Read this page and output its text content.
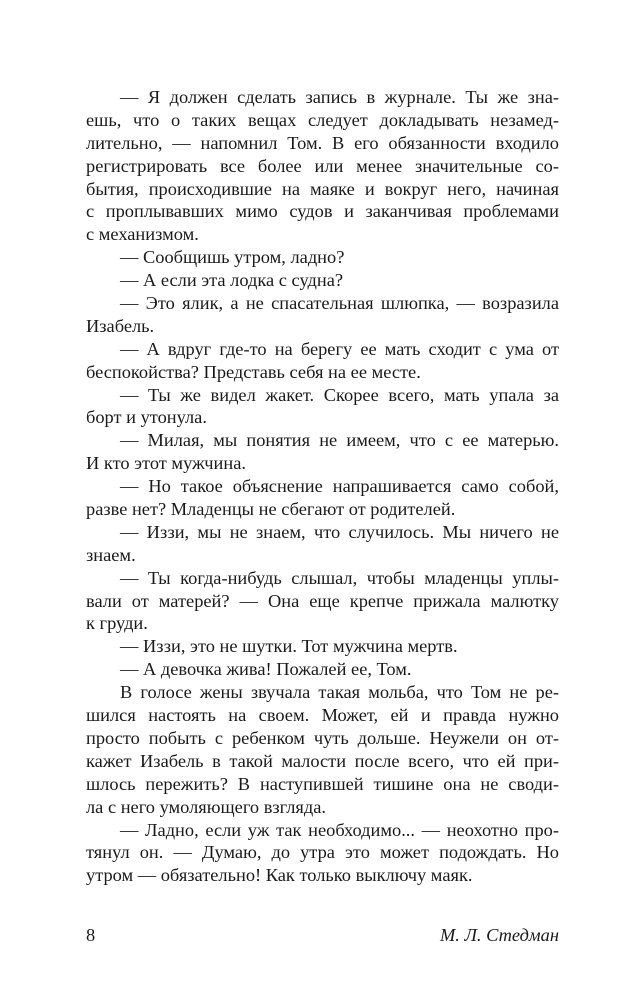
— Я должен сделать запись в журнале. Ты же зна-
ешь, что о таких вещах следует докладывать незамед-
лительно, — напомнил Том. В его обязанности входило
регистрировать все более или менее значительные со-
бытия, происходившие на маяке и вокруг него, начиная
с проплывавших мимо судов и заканчивая проблемами
с механизмом.
— Сообщишь утром, ладно?
— А если эта лодка с судна?
— Это ялик, а не спасательная шлюпка, — возразила
Изабель.
— А вдруг где-то на берегу ее мать сходит с ума от
беспокойства? Представь себя на ее месте.
— Ты же видел жакет. Скорее всего, мать упала за
борт и утонула.
— Милая, мы понятия не имеем, что с ее матерью.
И кто этот мужчина.
— Но такое объяснение напрашивается само собой,
разве нет? Младенцы не сбегают от родителей.
— Иззи, мы не знаем, что случилось. Мы ничего не
знаем.
— Ты когда-нибудь слышал, чтобы младенцы уплы-
вали от матерей? — Она еще крепче прижала малютку
к груди.
— Иззи, это не шутки. Тот мужчина мертв.
— А девочка жива! Пожалей ее, Том.
В голосе жены звучала такая мольба, что Том не ре-
шился настоять на своем. Может, ей и правда нужно
просто побыть с ребенком чуть дольше. Неужели он от-
кажет Изабель в такой малости после всего, что ей при-
шлось пережить? В наступившей тишине она не своди-
ла с него умоляющего взгляда.
— Ладно, если уж так необходимо... — неохотно про-
тянул он. — Думаю, до утра это может подождать. Но
утром — обязательно! Как только выключу маяк.
8	М. Л. Стедман
